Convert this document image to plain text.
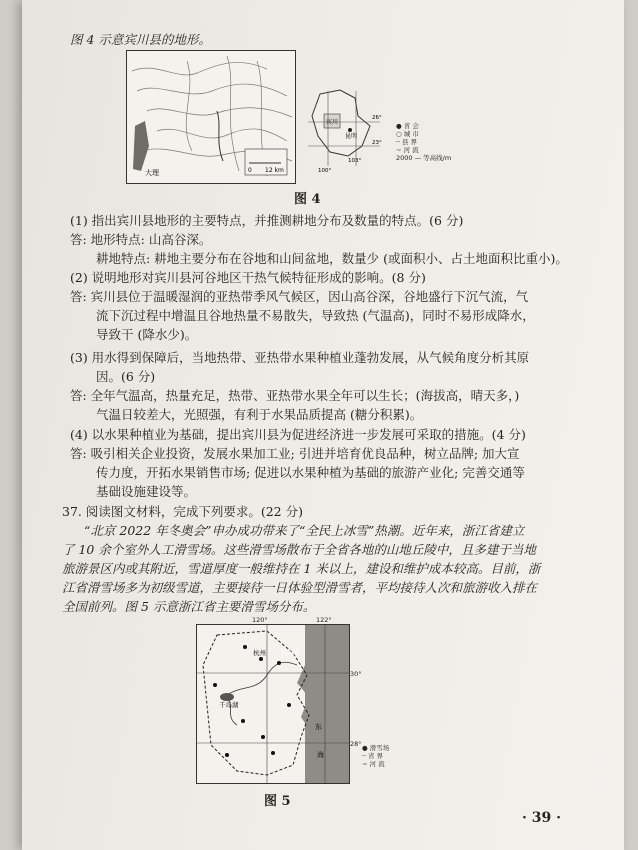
图 4 示意宾川县的地形。
0 12 km
大理
宾川
昆明
26°
23°
100°
103°
● 省 会
○ 城 市
┄ 县 界
∼ 河 流
2000 — 等高线/m
图 4
(1) 指出宾川县地形的主要特点，并推测耕地分布及数量的特点。(6 分)
答: 地形特点: 山高谷深。
耕地特点: 耕地主要分布在谷地和山间盆地，数量少 (或面积小、占土地面积比重小)。
(2) 说明地形对宾川县河谷地区干热气候特征形成的影响。(8 分)
答: 宾川县位于温暖湿润的亚热带季风气候区，因山高谷深，谷地盛行下沉气流，气
流下沉过程中增温且谷地热量不易散失，导致热 (气温高)，同时不易形成降水，
导致干 (降水少)。
(3) 用水得到保障后，当地热带、亚热带水果种植业蓬勃发展，从气候角度分析其原
因。(6 分)
答: 全年气温高，热量充足，热带、亚热带水果全年可以生长；(海拔高，晴天多，)
气温日较差大，光照强，有利于水果品质提高 (糖分积累)。
(4) 以水果种植业为基础，提出宾川县为促进经济进一步发展可采取的措施。(4 分)
答: 吸引相关企业投资，发展水果加工业; 引进并培育优良品种，树立品牌; 加大宣
传力度，开拓水果销售市场; 促进以水果种植为基础的旅游产业化; 完善交通等
基础设施建设等。
37. 阅读图文材料，完成下列要求。(22 分)
“北京 2022 年冬奥会”申办成功带来了“全民上冰雪”热潮。近年来，浙江省建立
了 10 余个室外人工滑雪场。这些滑雪场散布于全省各地的山地丘陵中，且多建于当地
旅游景区内或其附近，雪道厚度一般维持在 1 米以上，建设和维护成本较高。目前，浙
江省滑雪场多为初级雪道，主要接待一日体验型滑雪者，平均接待人次和旅游收入排在
全国前列。图 5 示意浙江省主要滑雪场分布。
杭州	杭州湾
千岛湖
东
海
120°	122°
30°
28° ● 滑雪场
┄ 省 界
∼ 河 流
图 5
· 39 ·
